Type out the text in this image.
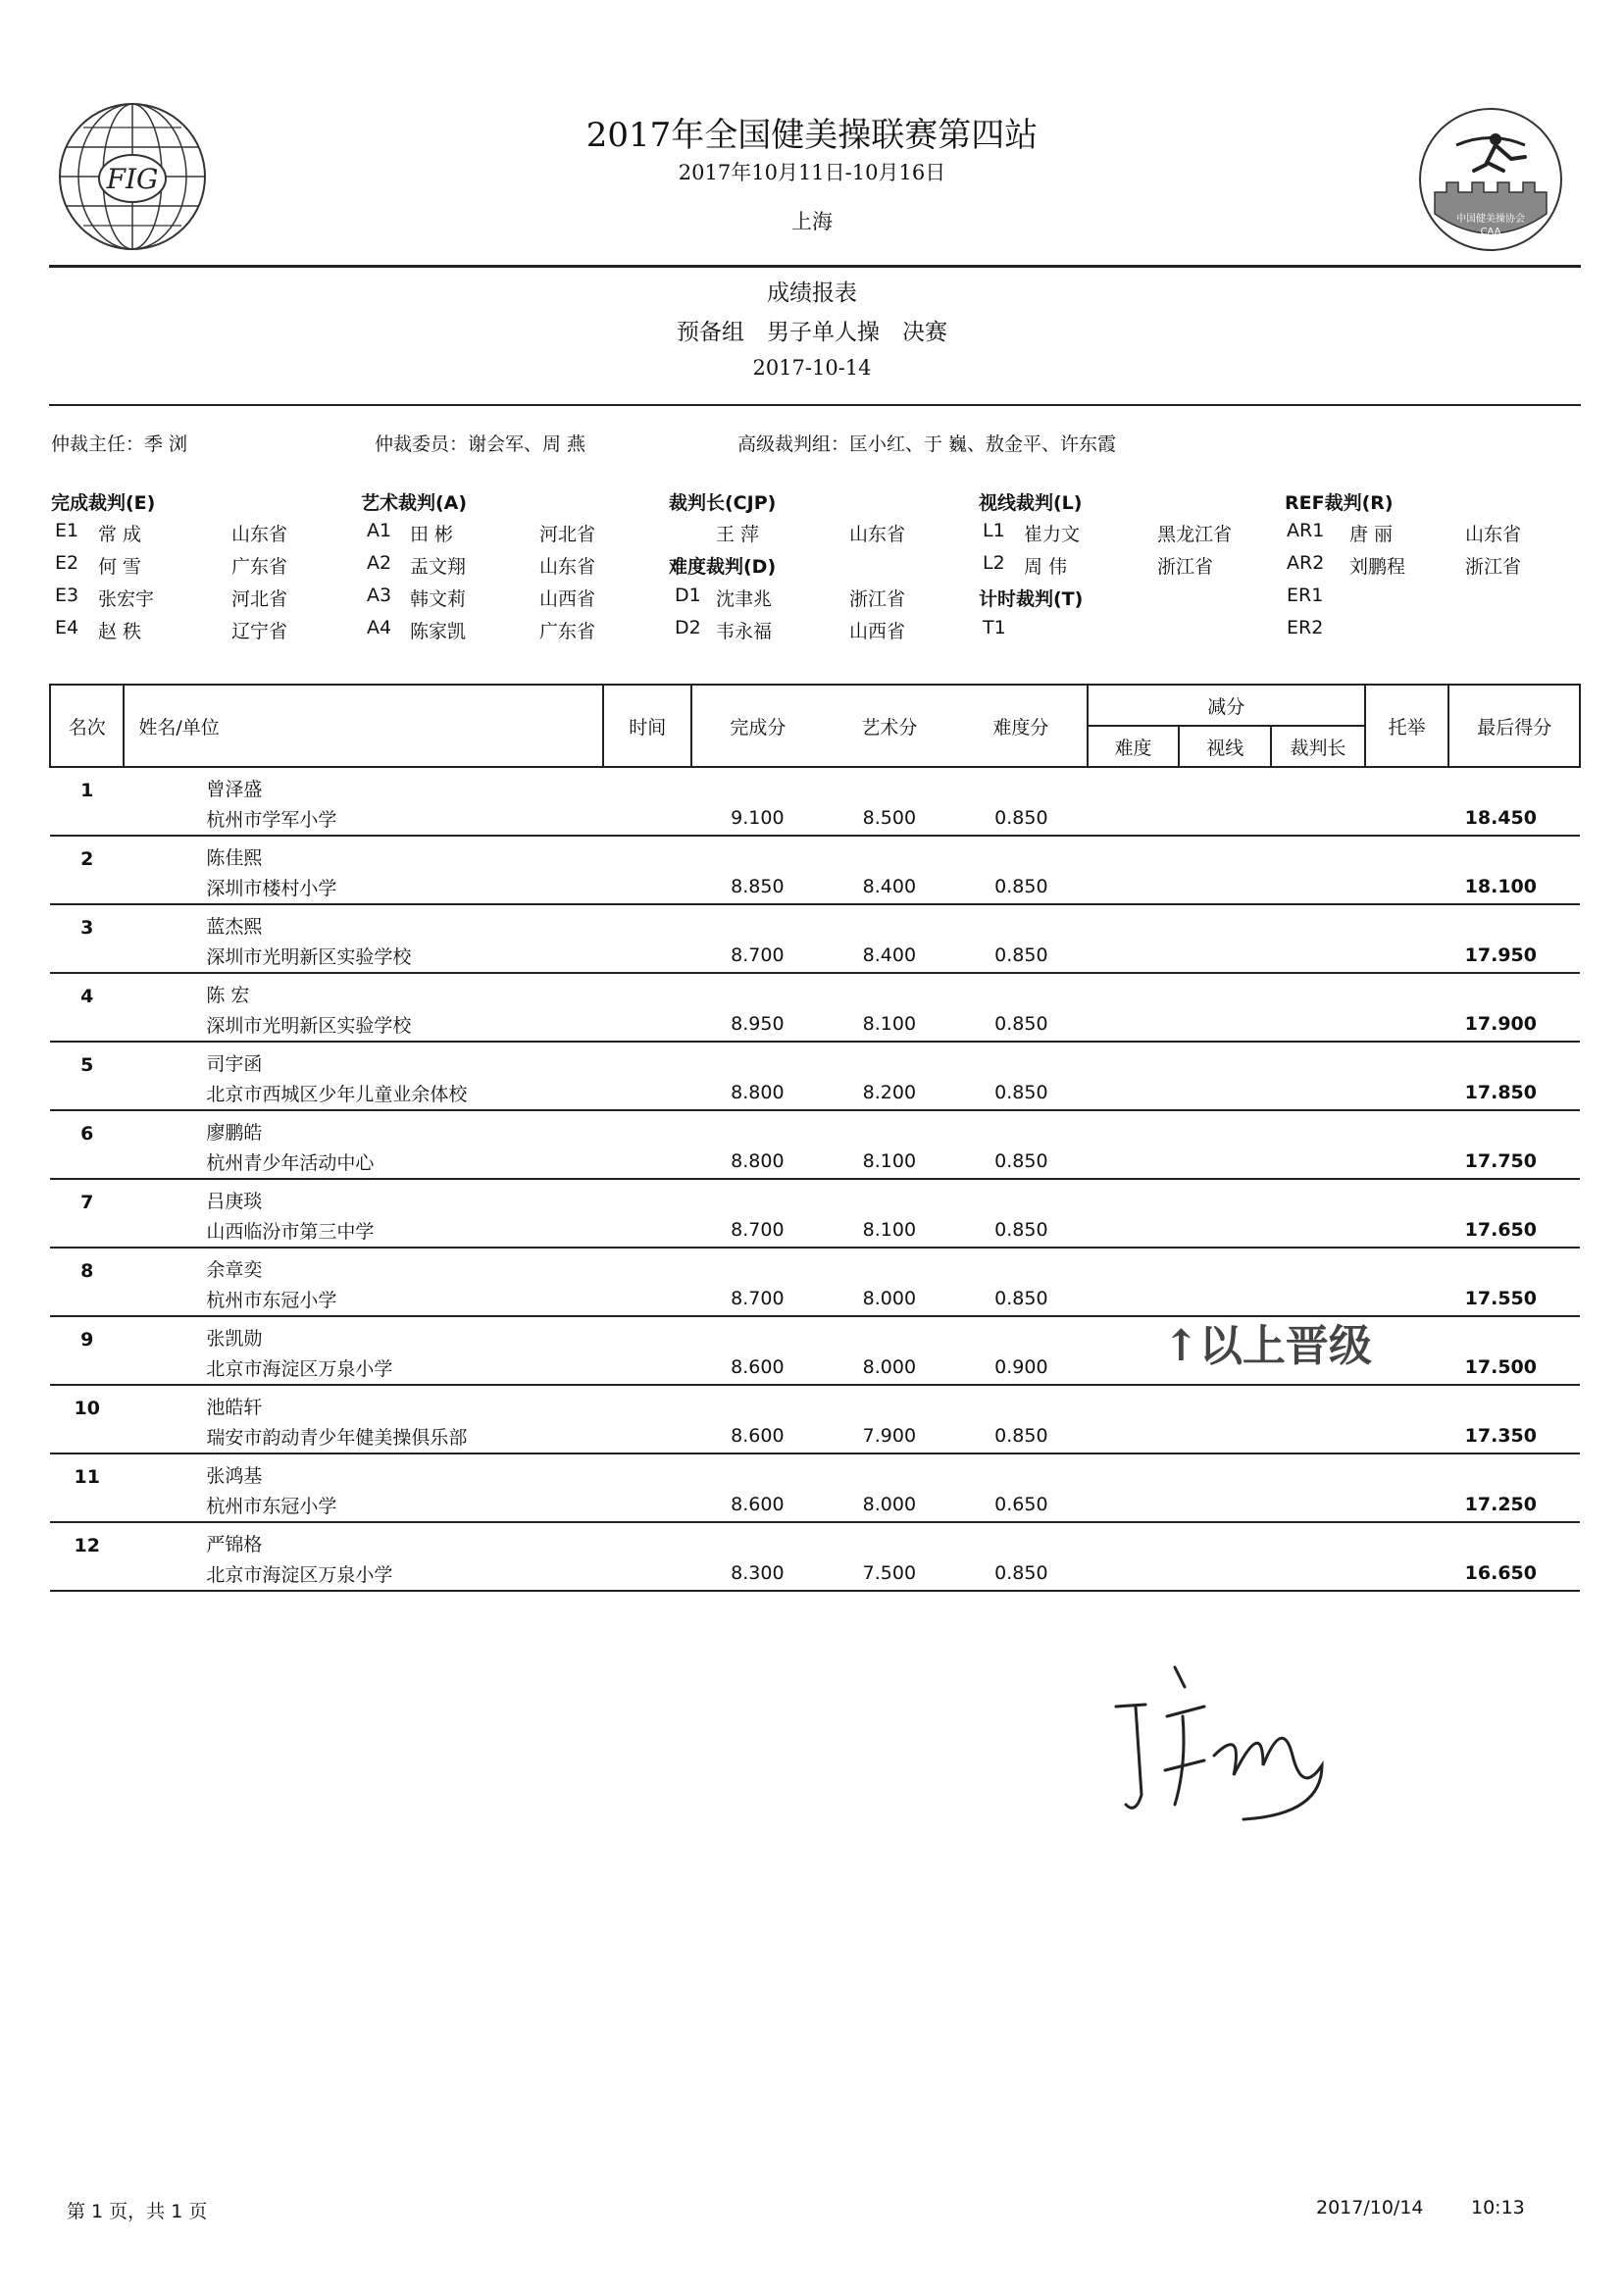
FIG
中国健美操协会
CAA
2017年全国健美操联赛第四站
2017年10月11日-10月16日
上海
成绩报表
预备组　男子单人操　决赛
2017-10-14
仲裁主任：季 浏	仲裁委员：谢会军、周 燕	高级裁判组：匡小红、于 巍、敖金平、许东霞
完成裁判(E)	艺术裁判(A)	裁判长(CJP)	视线裁判(L)	REF裁判(R)
E1 常 成	山东省
E2 何 雪	广东省
E3 张宏宇	河北省
E4 赵 秩	辽宁省
A1 田 彬	河北省
A2 盂文翔	山东省
A3 韩文莉	山西省
A4 陈家凯	广东省
王 萍	山东省
难度裁判(D)
D1 沈聿兆	浙江省
D2 韦永福	山西省
L1 崔力文	黑龙江省
L2 周 伟	浙江省
计时裁判(T)
T1
AR1 唐 丽	山东省
AR2 刘鹏程	浙江省
ER1
ER2
名次	姓名/单位	时间	完成分	艺术分	难度分	减分			托举	最后得分
						难度	视线	裁判长		
1	曾泽盛									
	杭州市学军小学		9.100	8.500	0.850					18.450
2	陈佳熙									
	深圳市楼村小学		8.850	8.400	0.850					18.100
3	蓝杰熙									
	深圳市光明新区实验学校		8.700	8.400	0.850					17.950
4	陈 宏									
	深圳市光明新区实验学校		8.950	8.100	0.850					17.900
5	司宇函									
	北京市西城区少年儿童业余体校		8.800	8.200	0.850					17.850
6	廖鹏皓									
	杭州青少年活动中心		8.800	8.100	0.850					17.750
7	吕庚琰									
	山西临汾市第三中学		8.700	8.100	0.850					17.650
8	余章奕									
	杭州市东冠小学		8.700	8.000	0.850					17.550
9	张凯勋									
	北京市海淀区万泉小学		8.600	8.000	0.900					17.500
10	池皓轩									
	瑞安市韵动青少年健美操俱乐部		8.600	7.900	0.850					17.350
11	张鸿基									
	杭州市东冠小学		8.600	8.000	0.650					17.250
12	严锦格									
	北京市海淀区万泉小学		8.300	7.500	0.850					16.650
↑以上晋级
第 1 页，共 1 页	2017/10/14	10:13
